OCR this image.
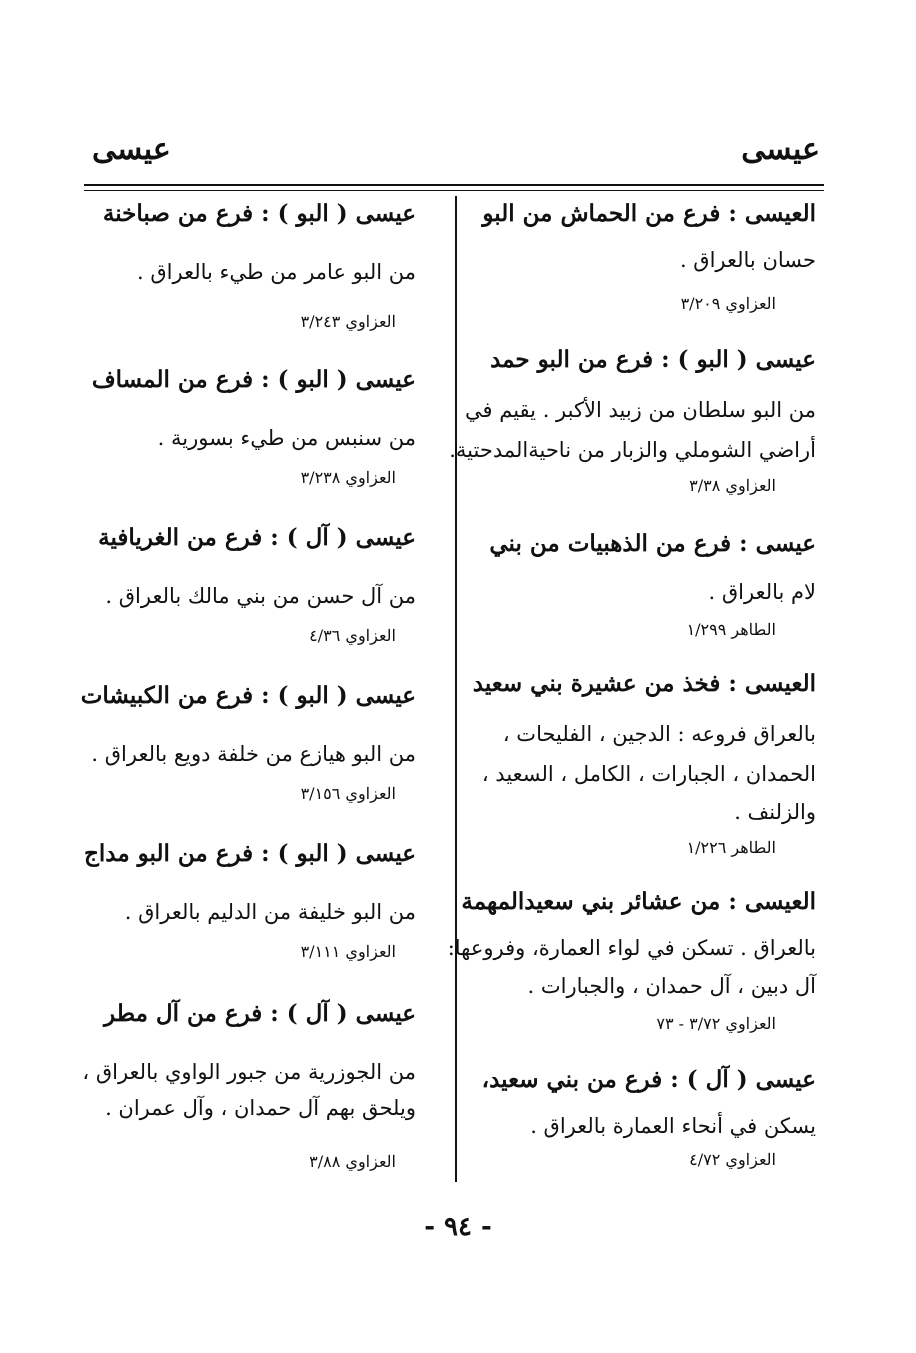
عيسى
عيسى
العيسى : فرع من الحماش من البو
حسان بالعراق .
العزاوي ٣/٢٠٩
عيسى ( البو ) : فرع من البو حمد
من البو سلطان من زبيد الأكبر . يقيم في
أراضي الشوملي والزبار من ناحيةالمدحتية.
العزاوي ٣/٣٨
عيسى : فرع من الذهبيات من بني
لام بالعراق .
الطاهر ١/٢٩٩
العيسى : فخذ من عشيرة بني سعيد
بالعراق فروعه : الدجين ، الفليحات ،
الحمدان ، الجبارات ، الكامل ، السعيد ،
والزلنف .
الطاهر ١/٢٢٦
العيسى : من عشائر بني سعيدالمهمة
بالعراق . تسكن في لواء العمارة، وفروعها:
آل دبين ، آل حمدان ، والجبارات .
العزاوي ٣/٧٢ - ٧٣
عيسى ( آل ) : فرع من بني سعيد،
يسكن في أنحاء العمارة بالعراق .
العزاوي ٤/٧٢
عيسى ( البو ) : فرع من صباخنة
من البو عامر من طيء بالعراق .
العزاوي ٣/٢٤٣
عيسى ( البو ) : فرع من المساف
من سنبس من طيء بسورية .
العزاوي ٣/٢٣٨
عيسى ( آل ) : فرع من الغريافية
من آل حسن من بني مالك بالعراق .
العزاوي ٤/٣٦
عيسى ( البو ) : فرع من الكبيشات
من البو هيازع من خلفة دويع بالعراق .
العزاوي ٣/١٥٦
عيسى ( البو ) : فرع من البو مداج
من البو خليفة من الدليم بالعراق .
العزاوي ٣/١١١
عيسى ( آل ) : فرع من آل مطر
من الجوزرية من جبور الواوي بالعراق ،
ويلحق بهم آل حمدان ، وآل عمران .
العزاوي ٣/٨٨
- ٩٤ -
